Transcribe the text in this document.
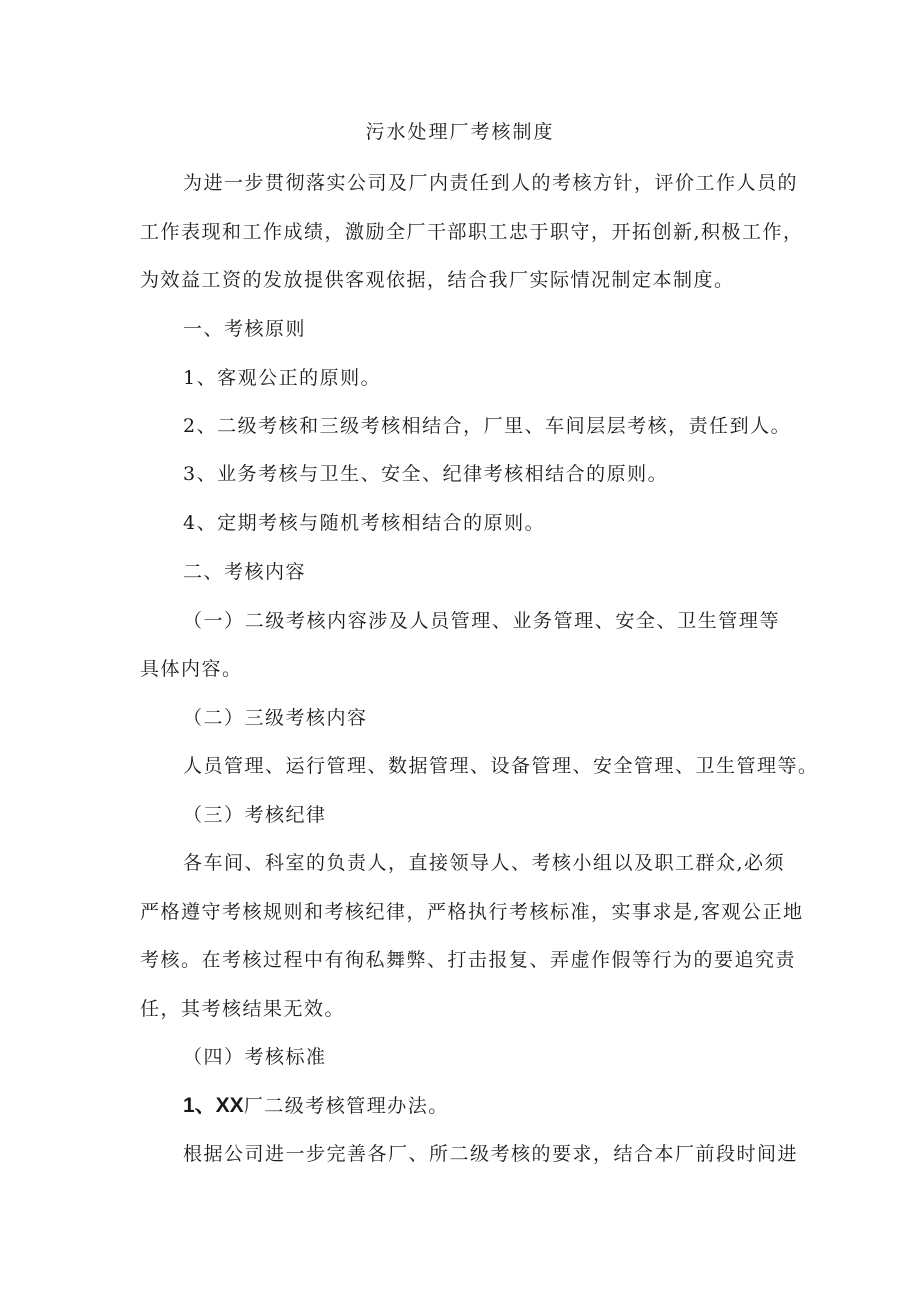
污水处理厂考核制度
为进一步贯彻落实公司及厂内责任到人的考核方针，评价工作人员的
工作表现和工作成绩，激励全厂干部职工忠于职守，开拓创新,积极工作，
为效益工资的发放提供客观依据，结合我厂实际情况制定本制度。
一、考核原则
1、客观公正的原则。
2、二级考核和三级考核相结合，厂里、车间层层考核，责任到人。
3、业务考核与卫生、安全、纪律考核相结合的原则。
4、定期考核与随机考核相结合的原则。
二、考核内容
（一）二级考核内容涉及人员管理、业务管理、安全、卫生管理等
具体内容。
（二）三级考核内容
人员管理、运行管理、数据管理、设备管理、安全管理、卫生管理等。
（三）考核纪律
各车间、科室的负责人，直接领导人、考核小组以及职工群众,必须
严格遵守考核规则和考核纪律，严格执行考核标准，实事求是,客观公正地
考核。在考核过程中有徇私舞弊、打击报复、弄虚作假等行为的要追究责
任，其考核结果无效。
（四）考核标准
1、XX厂二级考核管理办法。
根据公司进一步完善各厂、所二级考核的要求，结合本厂前段时间进
